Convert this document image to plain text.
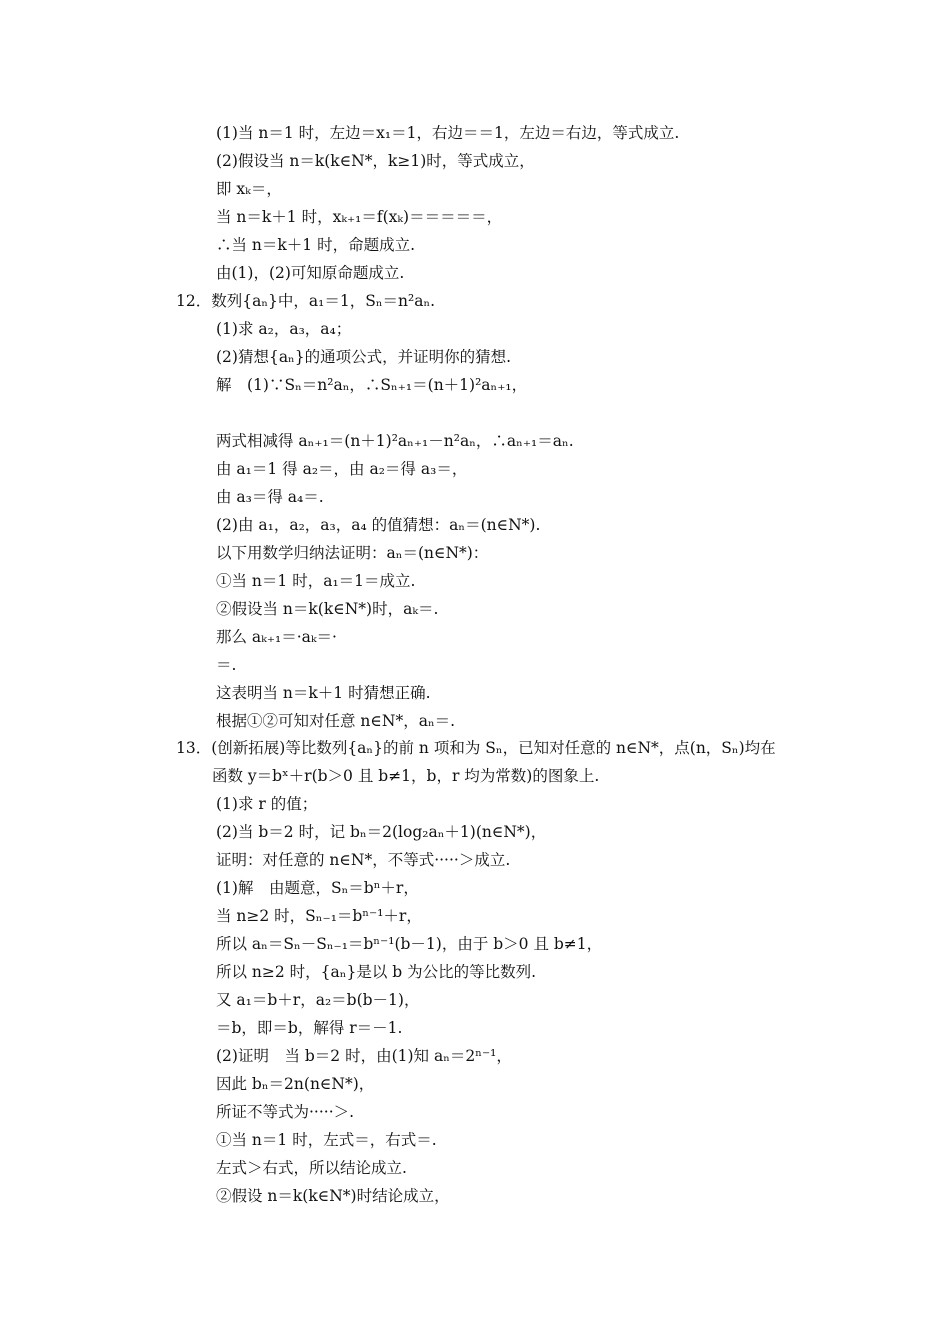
(1)当 n＝1 时，左边＝x₁＝1，右边＝＝1，左边＝右边，等式成立.
(2)假设当 n＝k(k∈N*，k≥1)时，等式成立，
即 xₖ＝，
当 n＝k＋1 时，xₖ₊₁＝f(xₖ)＝＝＝＝＝，
∴当 n＝k＋1 时，命题成立.
由(1)，(2)可知原命题成立.
12．数列{aₙ}中，a₁＝1，Sₙ＝n²aₙ.
(1)求 a₂，a₃，a₄；
(2)猜想{aₙ}的通项公式，并证明你的猜想.
解　(1)∵Sₙ＝n²aₙ，∴Sₙ₊₁＝(n＋1)²aₙ₊₁，
两式相减得 aₙ₊₁＝(n＋1)²aₙ₊₁－n²aₙ，∴aₙ₊₁＝aₙ.
由 a₁＝1 得 a₂＝，由 a₂＝得 a₃＝，
由 a₃＝得 a₄＝.
(2)由 a₁，a₂，a₃，a₄ 的值猜想：aₙ＝(n∈N*).
以下用数学归纳法证明：aₙ＝(n∈N*)：
①当 n＝1 时，a₁＝1＝成立.
②假设当 n＝k(k∈N*)时，aₖ＝.
那么 aₖ₊₁＝·aₖ＝·
＝.
这表明当 n＝k＋1 时猜想正确.
根据①②可知对任意 n∈N*，aₙ＝.
13．(创新拓展)等比数列{aₙ}的前 n 项和为 Sₙ，已知对任意的 n∈N*，点(n，Sₙ)均在
函数 y＝bˣ＋r(b＞0 且 b≠1，b，r 均为常数)的图象上.
(1)求 r 的值；
(2)当 b＝2 时，记 bₙ＝2(log₂aₙ＋1)(n∈N*)，
证明：对任意的 n∈N*，不等式·····＞成立.
(1)解　由题意，Sₙ＝bⁿ＋r，
当 n≥2 时，Sₙ₋₁＝bⁿ⁻¹＋r，
所以 aₙ＝Sₙ－Sₙ₋₁＝bⁿ⁻¹(b－1)，由于 b＞0 且 b≠1，
所以 n≥2 时，{aₙ}是以 b 为公比的等比数列.
又 a₁＝b＋r，a₂＝b(b－1)，
＝b，即＝b，解得 r＝－1.
(2)证明　当 b＝2 时，由(1)知 aₙ＝2ⁿ⁻¹，
因此 bₙ＝2n(n∈N*)，
所证不等式为·····＞.
①当 n＝1 时，左式＝，右式＝.
左式＞右式，所以结论成立.
②假设 n＝k(k∈N*)时结论成立，
